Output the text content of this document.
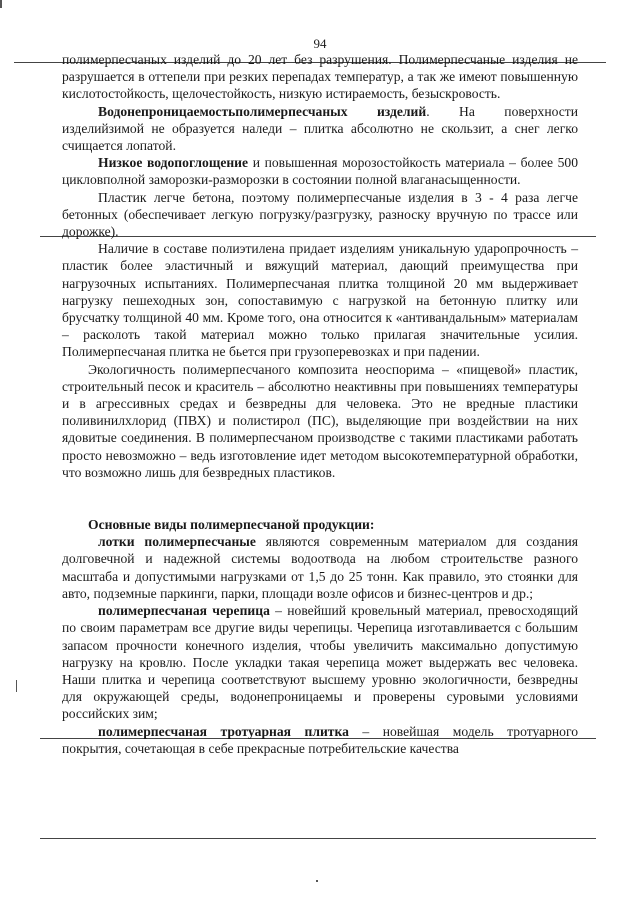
94

полимерпесчаных изделий до 20 лет без разрушения. Полимерпесчаные изделия не разрушается в оттепели при резких перепадах температур, а так же имеют повышенную кислотостойкость, щелочестойкость, низкую истираемость, безыскровость.

Водонепроницаемостьполимерпесчаных изделий. На поверхности изделийзимой не образуется наледи – плитка абсолютно не скользит, а снег легко счищается лопатой.

Низкое водопоглощение и повышенная морозостойкость материала – более 500 цикловполной заморозки-разморозки в состоянии полной влаганасыщенности.

Пластик легче бетона, поэтому полимерпесчаные изделия в 3 - 4 раза легче бетонных (обеспечивает легкую погрузку/разгрузку, разноску вручную по трассе или дорожке).

Наличие в составе полиэтилена придает изделиям уникальную ударопрочность – пластик более эластичный и вяжущий материал, дающий преимущества при нагрузочных испытаниях. Полимерпесчаная плитка толщиной 20 мм выдерживает нагрузку пешеходных зон, сопоставимую с нагрузкой на бетонную плитку или брусчатку толщиной 40 мм. Кроме того, она относится к «антивандальным» материалам – расколоть такой материал можно только прилагая значительные усилия. Полимерпесчаная плитка не бьется при грузоперевозках и при падении.

Экологичность полимерпесчаного композита неоспорима – «пищевой» пластик, строительный песок и краситель – абсолютно неактивны при повышениях температуры и в агрессивных средах и безвредны для человека. Это не вредные пластики поливинилхлорид (ПВХ) и полистирол (ПС), выделяющие при воздействии на них ядовитые соединения. В полимерпесчаном производстве с такими пластиками работать просто невозможно – ведь изготовление идет методом высокотемпературной обработки, что возможно лишь для безвредных пластиков.

Основные виды полимерпесчаной продукции:

лотки полимерпесчаные являются современным материалом для создания долговечной и надежной системы водоотвода на любом строительстве разного масштаба и допустимыми нагрузками от 1,5 до 25 тонн. Как правило, это стоянки для авто, подземные паркинги, парки, площади возле офисов и бизнес-центров и др.;

полимерпесчаная черепица – новейший кровельный материал, превосходящий по своим параметрам все другие виды черепицы. Черепица изготавливается с большим запасом прочности конечного изделия, чтобы увеличить максимально допустимую нагрузку на кровлю. После укладки такая черепица может выдержать вес человека. Наши плитка и черепица соответствуют высшему уровню экологичности, безвредны для окружающей среды, водонепроницаемы и проверены суровыми условиями российских зим;

полимерпесчаная тротуарная плитка – новейшая модель тротуарного покрытия, сочетающая в себе прекрасные потребительские качества
